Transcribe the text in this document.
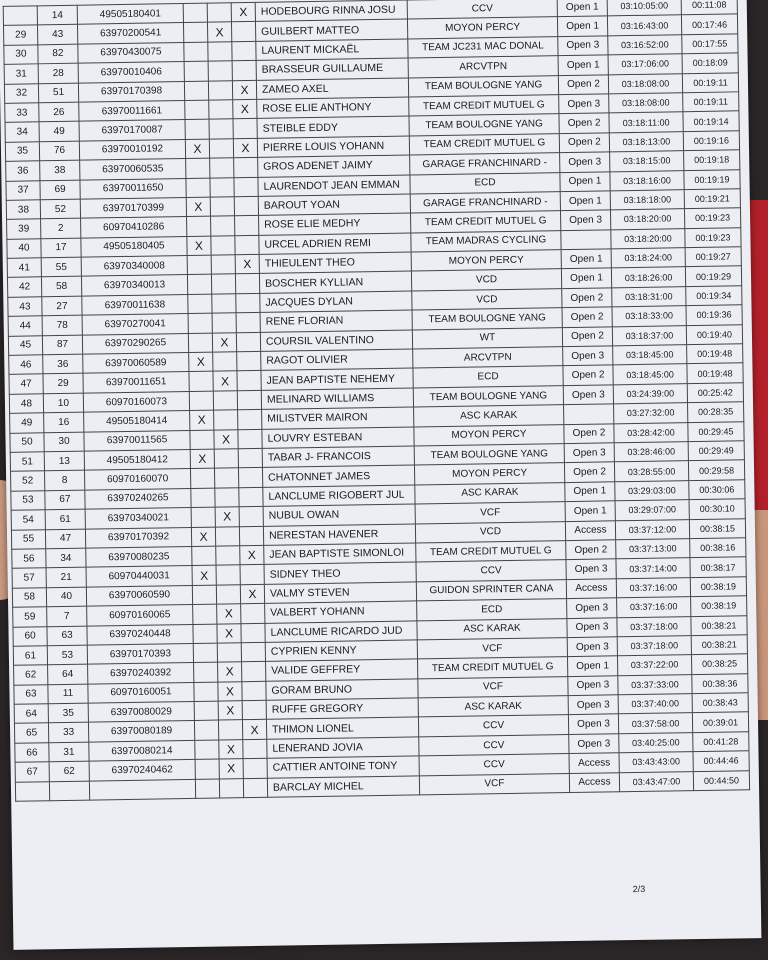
	14	49505180401			X	HODEBOURG RINNA JOSU	CCV	Open 1	03:10:05:00	00:11:08
29	43	63970200541		X		GUILBERT MATTEO	MOYON PERCY	Open 1	03:16:43:00	00:17:46
30	82	63970430075				LAURENT MICKAËL	TEAM JC231 MAC DONAL	Open 3	03:16:52:00	00:17:55
31	28	63970010406				BRASSEUR GUILLAUME	ARCVTPN	Open 1	03:17:06:00	00:18:09
32	51	63970170398			X	ZAMEO AXEL	TEAM BOULOGNE YANG	Open 2	03:18:08:00	00:19:11
33	26	63970011661			X	ROSE ELIE ANTHONY	TEAM CREDIT MUTUEL G	Open 3	03:18:08:00	00:19:11
34	49	63970170087				STEIBLE EDDY	TEAM BOULOGNE YANG	Open 2	03:18:11:00	00:19:14
35	76	63970010192	X		X	PIERRE LOUIS YOHANN	TEAM CREDIT MUTUEL G	Open 2	03:18:13:00	00:19:16
36	38	63970060535				GROS ADENET JAIMY	GARAGE FRANCHINARD -	Open 3	03:18:15:00	00:19:18
37	69	63970011650				LAURENDOT JEAN EMMAN	ECD	Open 1	03:18:16:00	00:19:19
38	52	63970170399	X			BAROUT YOAN	GARAGE FRANCHINARD -	Open 1	03:18:18:00	00:19:21
39	2	60970410286				ROSE ELIE MEDHY	TEAM CREDIT MUTUEL G	Open 3	03:18:20:00	00:19:23
40	17	49505180405	X			URCEL ADRIEN REMI	TEAM MADRAS CYCLING		03:18:20:00	00:19:23
41	55	63970340008			X	THIEULENT THEO	MOYON PERCY	Open 1	03:18:24:00	00:19:27
42	58	63970340013				BOSCHER KYLLIAN	VCD	Open 1	03:18:26:00	00:19:29
43	27	63970011638				JACQUES DYLAN	VCD	Open 2	03:18:31:00	00:19:34
44	78	63970270041				RENE FLORIAN	TEAM BOULOGNE YANG	Open 2	03:18:33:00	00:19:36
45	87	63970290265		X		COURSIL VALENTINO	WT	Open 2	03:18:37:00	00:19:40
46	36	63970060589	X			RAGOT OLIVIER	ARCVTPN	Open 3	03:18:45:00	00:19:48
47	29	63970011651		X		JEAN BAPTISTE NEHEMY	ECD	Open 2	03:18:45:00	00:19:48
48	10	60970160073				MELINARD WILLIAMS	TEAM BOULOGNE YANG	Open 3	03:24:39:00	00:25:42
49	16	49505180414	X			MILISTVER MAIRON	ASC KARAK		03:27:32:00	00:28:35
50	30	63970011565		X		LOUVRY ESTEBAN	MOYON PERCY	Open 2	03:28:42:00	00:29:45
51	13	49505180412	X			TABAR J- FRANCOIS	TEAM BOULOGNE YANG	Open 3	03:28:46:00	00:29:49
52	8	60970160070				CHATONNET JAMES	MOYON PERCY	Open 2	03:28:55:00	00:29:58
53	67	63970240265				LANCLUME RIGOBERT JUL	ASC KARAK	Open 1	03:29:03:00	00:30:06
54	61	63970340021		X		NUBUL OWAN	VCF	Open 1	03:29:07:00	00:30:10
55	47	63970170392	X			NERESTAN HAVENER	VCD	Access	03:37:12:00	00:38:15
56	34	63970080235			X	JEAN BAPTISTE SIMONLOI	TEAM CREDIT MUTUEL G	Open 2	03:37:13:00	00:38:16
57	21	60970440031	X			SIDNEY THEO	CCV	Open 3	03:37:14:00	00:38:17
58	40	63970060590			X	VALMY STEVEN	GUIDON SPRINTER CANA	Access	03:37:16:00	00:38:19
59	7	60970160065		X		VALBERT YOHANN	ECD	Open 3	03:37:16:00	00:38:19
60	63	63970240448		X		LANCLUME RICARDO JUD	ASC KARAK	Open 3	03:37:18:00	00:38:21
61	53	63970170393				CYPRIEN KENNY	VCF	Open 3	03:37:18:00	00:38:21
62	64	63970240392		X		VALIDE GEFFREY	TEAM CREDIT MUTUEL G	Open 1	03:37:22:00	00:38:25
63	11	60970160051		X		GORAM BRUNO	VCF	Open 3	03:37:33:00	00:38:36
64	35	63970080029		X		RUFFE GREGORY	ASC KARAK	Open 3	03:37:40:00	00:38:43
65	33	63970080189			X	THIMON LIONEL	CCV	Open 3	03:37:58:00	00:39:01
66	31	63970080214		X		LENERAND JOVIA	CCV	Open 3	03:40:25:00	00:41:28
67	62	63970240462		X		CATTIER ANTOINE TONY	CCV	Access	03:43:43:00	00:44:46
						BARCLAY MICHEL	VCF	Access	03:43:47:00	00:44:50
2/3
